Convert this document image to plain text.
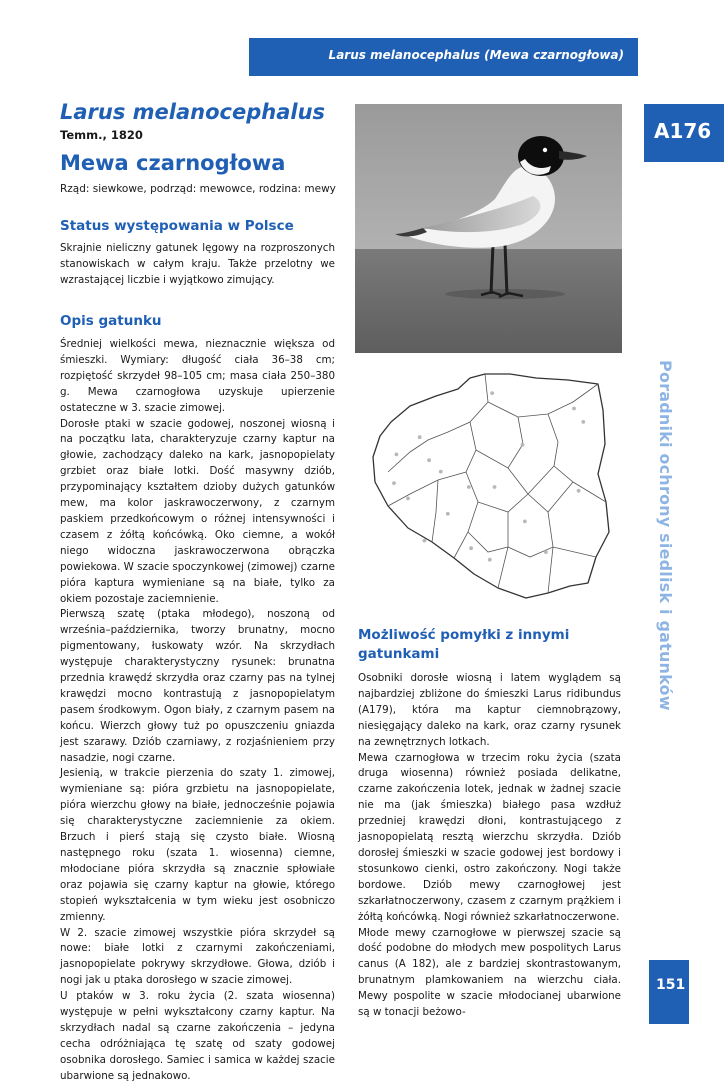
Larus melanocephalus (Mewa czarnogłowa)
Larus melanocephalus
Temm., 1820
Mewa czarnogłowa
Rząd: siewkowe, podrząd: mewowce, rodzina: mewy
Status występowania w Polsce

Skrajnie nieliczny gatunek lęgowy na rozproszonych stanowiskach w całym kraju. Także przelotny we wzrastającej liczbie i wyjątkowo zimujący.

Opis gatunku

Średniej wielkości mewa, nieznacznie większa od śmieszki. Wymiary: długość ciała 36–38 cm; rozpiętość skrzydeł 98–105 cm; masa ciała 250–380 g. Mewa czarnogłowa uzyskuje upierzenie ostateczne w 3. szacie zimowej.

Dorosłe ptaki w szacie godowej, noszonej wiosną i na początku lata, charakteryzuje czarny kaptur na głowie, zachodzący daleko na kark, jasnopopielaty grzbiet oraz białe lotki. Dość masywny dziób, przypominający kształtem dzioby dużych gatunków mew, ma kolor jaskrawoczerwony, z czarnym paskiem przedkońcowym o różnej intensywności i czasem z żółtą końcówką. Oko ciemne, a wokół niego widoczna jaskrawoczerwona obrączka powiekowa. W szacie spoczynkowej (zimowej) czarne pióra kaptura wymieniane są na białe, tylko za okiem pozostaje zaciemnienie.

Pierwszą szatę (ptaka młodego), noszoną od września–października, tworzy brunatny, mocno pigmentowany, łuskowaty wzór. Na skrzydłach występuje charakterystyczny rysunek: brunatna przednia krawędź skrzydła oraz czarny pas na tylnej krawędzi mocno kontrastują z jasnopopielatym pasem środkowym. Ogon biały, z czarnym pasem na końcu. Wierzch głowy tuż po opuszczeniu gniazda jest szarawy. Dziób czarniawy, z rozjaśnieniem przy nasadzie, nogi czarne.

Jesienią, w trakcie pierzenia do szaty 1. zimowej, wymieniane są: pióra grzbietu na jasnopopielate, pióra wierzchu głowy na białe, jednocześnie pojawia się charakterystyczne zaciemnienie za okiem. Brzuch i pierś stają się czysto białe. Wiosną następnego roku (szata 1. wiosenna) ciemne, młodociane pióra skrzydła są znacznie spłowiałe oraz pojawia się czarny kaptur na głowie, którego stopień wykształcenia w tym wieku jest osobniczo zmienny.

W 2. szacie zimowej wszystkie pióra skrzydeł są nowe: białe lotki z czarnymi zakończeniami, jasnopopielate pokrywy skrzydłowe. Głowa, dziób i nogi jak u ptaka dorosłego w szacie zimowej.

U ptaków w 3. roku życia (2. szata wiosenna) występuje w pełni wykształcony czarny kaptur. Na skrzydłach nadal są czarne zakończenia – jedyna cecha odróżniająca tę szatę od szaty godowej osobnika dorosłego. Samiec i samica w każdej szacie ubarwione są jednakowo.

Możliwość pomyłki z innymi gatunkami

Osobniki dorosłe wiosną i latem wyglądem są najbardziej zbliżone do śmieszki Larus ridibundus (A179), która ma kaptur ciemnobrązowy, niesięgający daleko na kark, oraz czarny rysunek na zewnętrznych lotkach.

Mewa czarnogłowa w trzecim roku życia (szata druga wiosenna) również posiada delikatne, czarne zakończenia lotek, jednak w żadnej szacie nie ma (jak śmieszka) białego pasa wzdłuż przedniej krawędzi dłoni, kontrastującego z jasnopopielatą resztą wierzchu skrzydła. Dziób dorosłej śmieszki w szacie godowej jest bordowy i stosunkowo cienki, ostro zakończony. Nogi także bordowe. Dziób mewy czarnogłowej jest szkarłatnoczerwony, czasem z czarnym prążkiem i żółtą końcówką. Nogi również szkarłatnoczerwone.

Młode mewy czarnogłowe w pierwszej szacie są dość podobne do młodych mew pospolitych Larus canus (A 182), ale z bardziej skontrastowanym, brunatnym plamkowaniem na wierzchu ciała. Mewy pospolite w szacie młodocianej ubarwione są w tonacji beżowo-

A176
Poradniki ochrony siedlisk i gatunków
151
